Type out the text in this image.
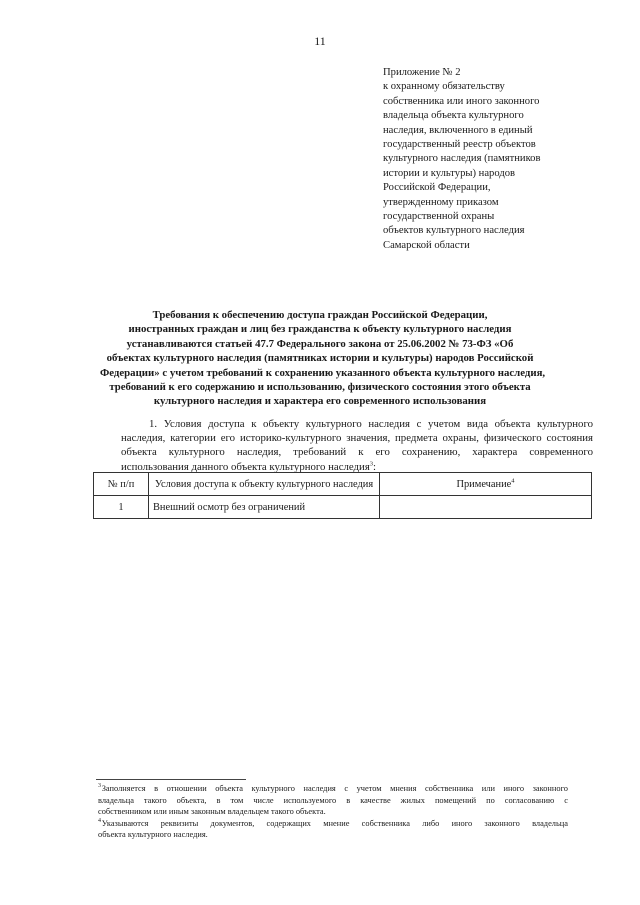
11
Приложение № 2
к охранному обязательству
собственника или иного законного
владельца объекта культурного
наследия, включенного в единый
государственный реестр объектов
культурного наследия (памятников
истории и культуры) народов
Российской Федерации,
утвержденному приказом
государственной охраны
объектов культурного наследия
Самарской области
Требования к обеспечению доступа граждан Российской Федерации,
иностранных граждан и лиц без гражданства к объекту культурного наследия
устанавливаются статьей 47.7 Федерального закона от 25.06.2002 № 73-ФЗ «Об
объектах культурного наследия (памятниках истории и культуры) народов Российской
Федерации» с учетом требований к сохранению указанного объекта культурного наследия,
требований к его содержанию и использованию, физического состояния этого объекта
культурного наследия и характера его современного использования
1. Условия доступа к объекту культурного наследия с учетом вида объекта культурного
наследия, категории его историко-культурного значения, предмета охраны, физического состояния
объекта культурного наследия, требований к его сохранению, характера современного
использования данного объекта культурного наследия$^3$:
№ п/п	Условия доступа к объекту культурного наследия	Примечание$^4$
1	Внешний осмотр без ограничений	
$^3$ Заполняется в отношении объекта культурного наследия с учетом мнения собственника или иного законного
владельца такого объекта, в том числе используемого в качестве жилых помещений по согласованию с
собственником или иным законным владельцем такого объекта.
$^4$ Указываются реквизиты документов, содержащих мнение собственника либо иного законного владельца
объекта культурного наследия.
